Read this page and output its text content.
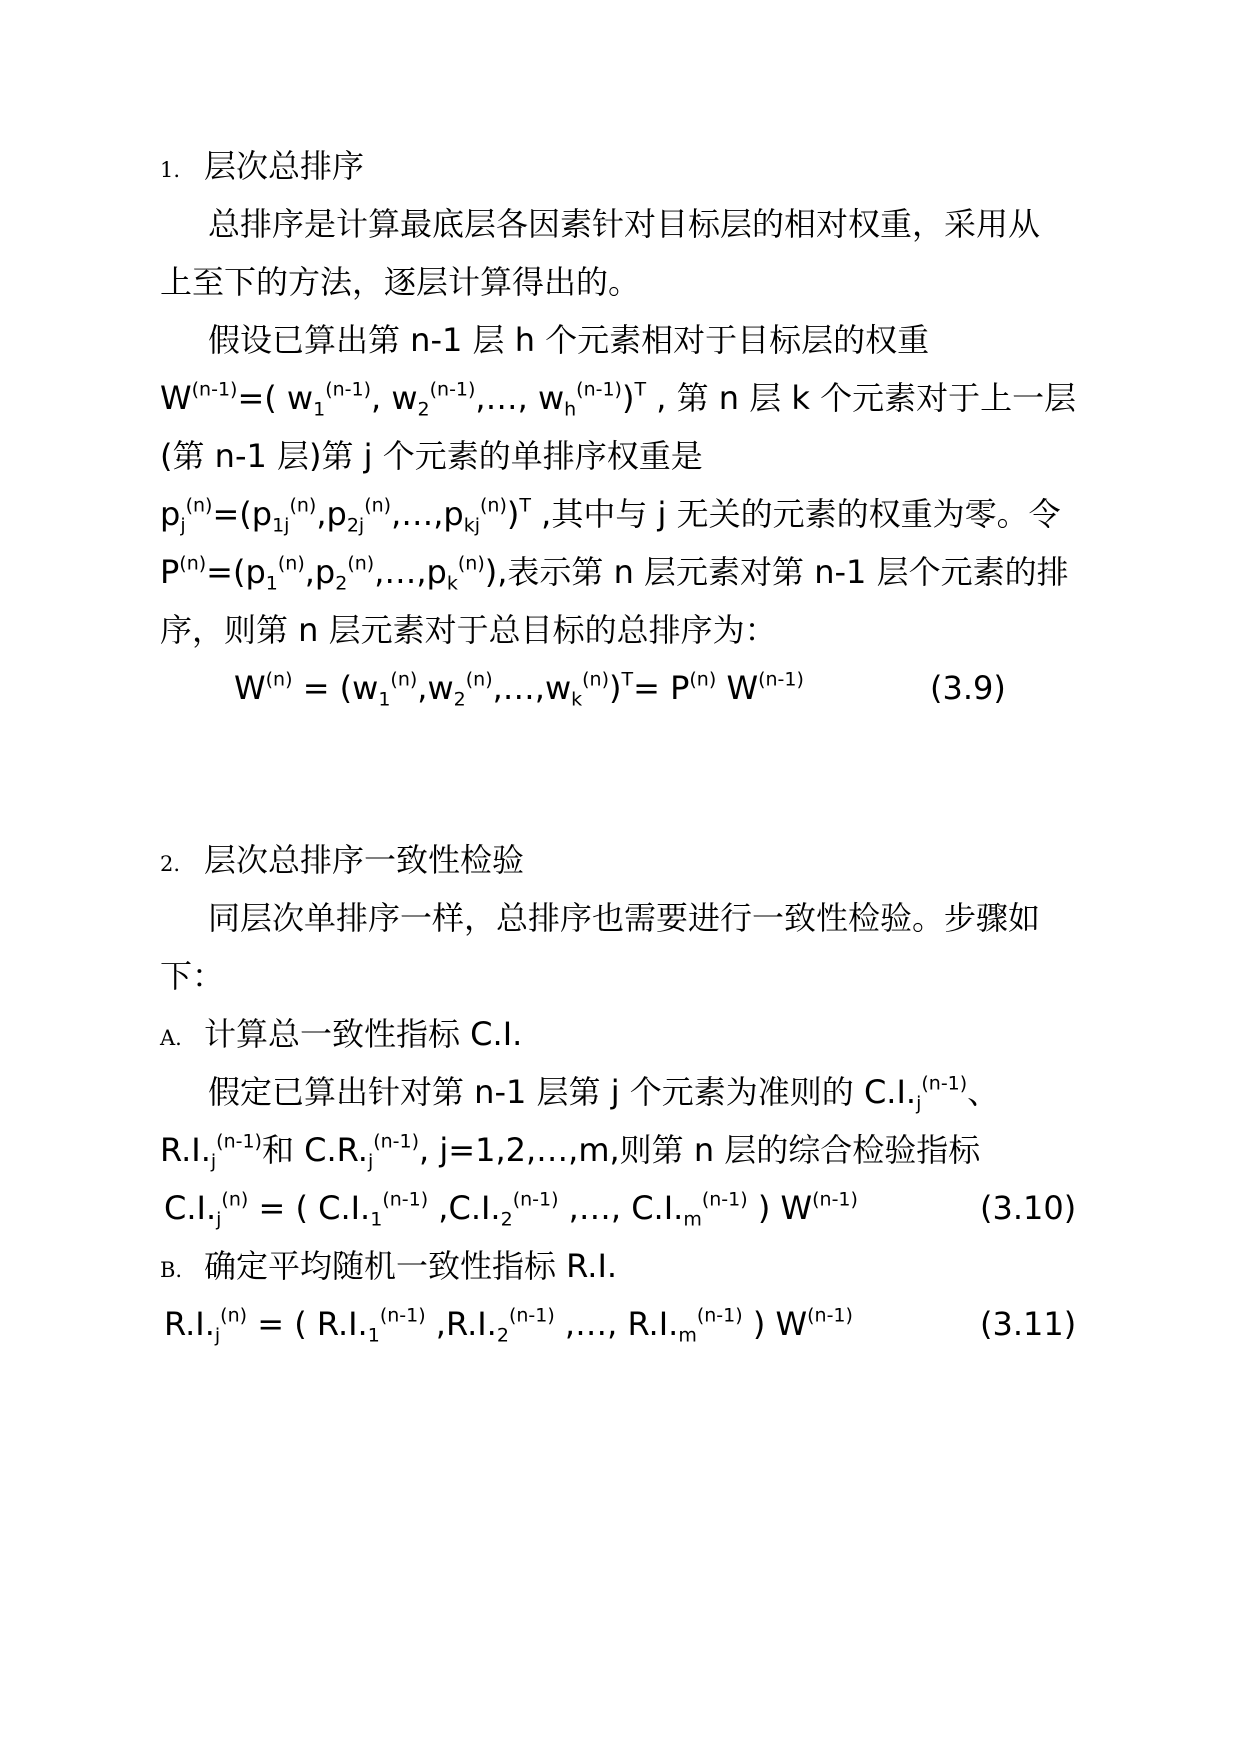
1. 层次总排序
总排序是计算最底层各因素针对目标层的相对权重，采用从
上至下的方法，逐层计算得出的。
假设已算出第 n-1 层 h 个元素相对于目标层的权重
$W^{(n-1)}=$( $w_1^{(n-1)}$, $w_2^{(n-1)},\dots$, $w_h^{(n-1)})^T$ , 第 n 层 k 个元素对于上一层
(第 n-1 层)第 j 个元素的单排序权重是
$p_j^{(n)}=(p_{1j}^{(n)},p_{2j}^{(n)},\dots,p_{kj}^{(n)})^T$ ,其中与 j 无关的元素的权重为零。令
$P^{(n)}=(p_1^{(n)},p_2^{(n)},\dots,p_k^{(n)})$,表示第 n 层元素对第 n-1 层个元素的排
序，则第 n 层元素对于总目标的总排序为：
$W^{(n)}$ = $(w_1^{(n)},w_2^{(n)},\dots,w_k^{(n)})^T= P^{(n)}$ $W^{(n-1)}$	(3.9)
2. 层次总排序一致性检验
同层次单排序一样，总排序也需要进行一致性检验。步骤如
下：
A. 计算总一致性指标 C.I.
假定已算出针对第 n-1 层第 j 个元素为准则的 $C.I._j^{(n-1)}$、
$R.I._j^{(n-1)}$和 $C.R._j^{(n-1)}$, j=1,2,…,m,则第 n 层的综合检验指标
$C.I._j^{(n)}$ = ( $C.I._1^{(n-1)}$ $,C.I._2^{(n-1)}$ ,…, $C.I._m^{(n-1)}$ ) $W^{(n-1)}$	(3.10)
B. 确定平均随机一致性指标 R.I.
$R.I._j^{(n)}$ = ( $R.I._1^{(n-1)}$ $,R.I._2^{(n-1)}$ ,…, $R.I._m^{(n-1)}$ ) $W^{(n-1)}$	(3.11)
